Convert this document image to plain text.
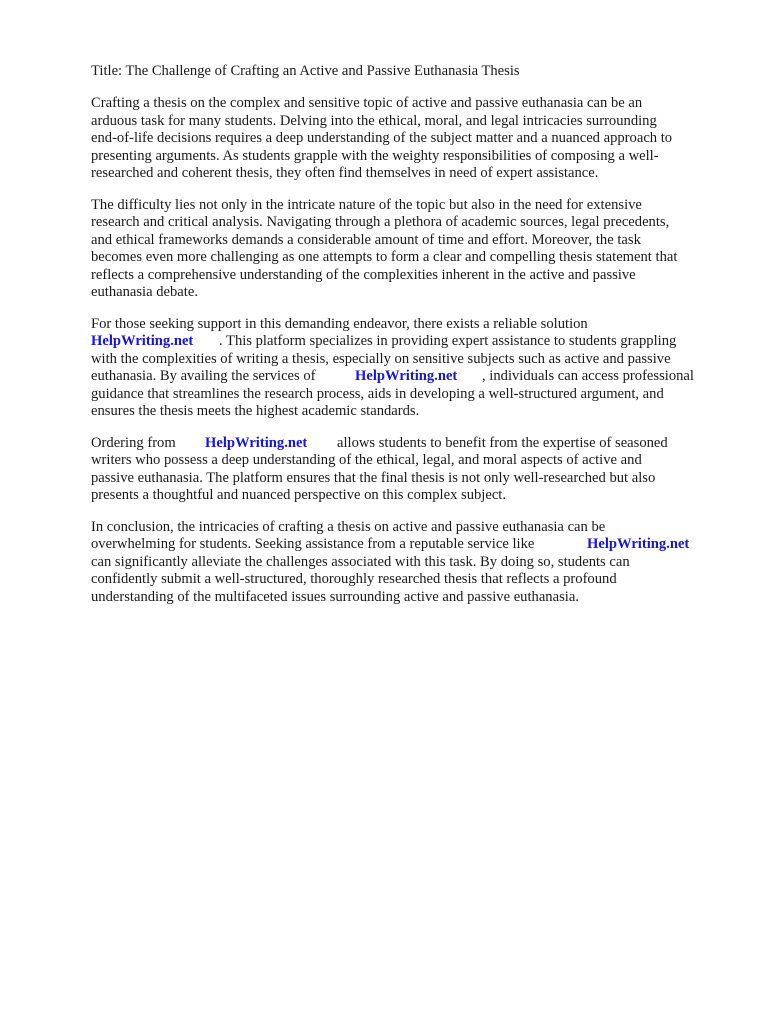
Title: The Challenge of Crafting an Active and Passive Euthanasia Thesis

Crafting a thesis on the complex and sensitive topic of active and passive euthanasia can be an

arduous task for many students. Delving into the ethical, moral, and legal intricacies surrounding

end-of-life decisions requires a deep understanding of the subject matter and a nuanced approach to

presenting arguments. As students grapple with the weighty responsibilities of composing a well-

researched and coherent thesis, they often find themselves in need of expert assistance.

The difficulty lies not only in the intricate nature of the topic but also in the need for extensive

research and critical analysis. Navigating through a plethora of academic sources, legal precedents,

and ethical frameworks demands a considerable amount of time and effort. Moreover, the task

becomes even more challenging as one attempts to form a clear and compelling thesis statement that

reflects a comprehensive understanding of the complexities inherent in the active and passive

euthanasia debate.

For those seeking support in this demanding endeavor, there exists a reliable solution

HelpWriting.net . This platform specializes in providing expert assistance to students grappling

with the complexities of writing a thesis, especially on sensitive subjects such as active and passive

euthanasia. By availing the services of	HelpWriting.net , individuals can access professional

guidance that streamlines the research process, aids in developing a well-structured argument, and

ensures the thesis meets the highest academic standards.

Ordering from HelpWriting.net allows students to benefit from the expertise of seasoned

writers who possess a deep understanding of the ethical, legal, and moral aspects of active and

passive euthanasia. The platform ensures that the final thesis is not only well-researched but also

presents a thoughtful and nuanced perspective on this complex subject.

In conclusion, the intricacies of crafting a thesis on active and passive euthanasia can be

overwhelming for students. Seeking assistance from a reputable service like	HelpWriting.net

can significantly alleviate the challenges associated with this task. By doing so, students can

confidently submit a well-structured, thoroughly researched thesis that reflects a profound

understanding of the multifaceted issues surrounding active and passive euthanasia.
